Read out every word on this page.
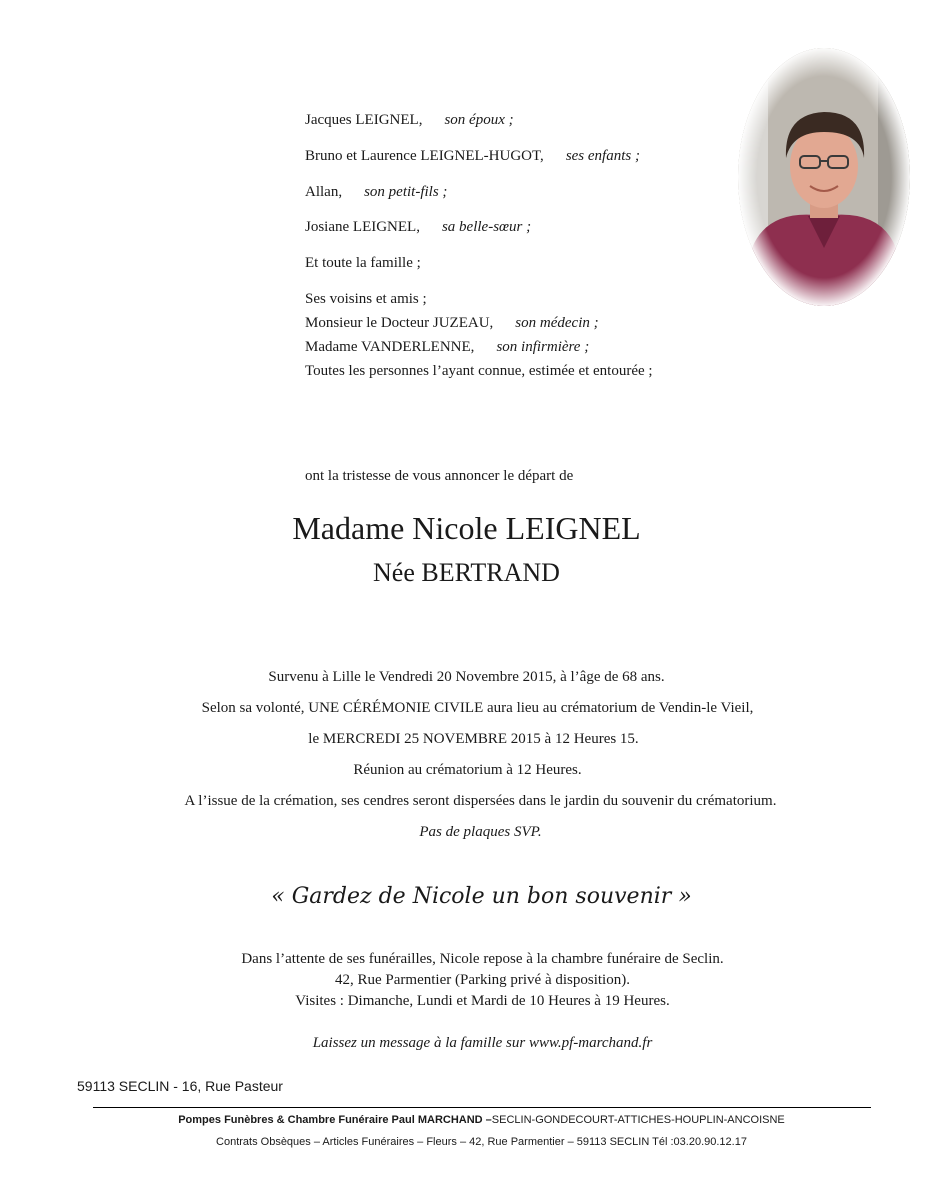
Jacques LEIGNEL, son époux ;
Bruno et Laurence LEIGNEL-HUGOT, ses enfants ;
Allan, son petit-fils ;
Josiane LEIGNEL, sa belle-sœur ;
Et toute la famille ;
Ses voisins et amis ;
Monsieur le Docteur JUZEAU, son médecin ;
Madame VANDERLENNE, son infirmière ;
Toutes les personnes l’ayant connue, estimée et entourée ;
ont la tristesse de vous annoncer le départ de
Madame Nicole LEIGNEL
Née BERTRAND
Survenu à Lille le Vendredi 20 Novembre 2015, à l’âge de 68 ans.
Selon sa volonté, UNE CÉRÉMONIE CIVILE aura lieu au crématorium de Vendin-le Vieil,
le MERCREDI 25 NOVEMBRE 2015 à 12 Heures 15.
Réunion au crématorium à 12 Heures.
A l’issue de la crémation, ses cendres seront dispersées dans le jardin du souvenir du crématorium.
Pas de plaques SVP.
« Gardez de Nicole un bon souvenir »
Dans l’attente de ses funérailles, Nicole repose à la chambre funéraire de Seclin.
42, Rue Parmentier (Parking privé à disposition).
Visites : Dimanche, Lundi et Mardi de 10 Heures à 19 Heures.
Laissez un message à la famille sur www.pf-marchand.fr
59113 SECLIN - 16, Rue Pasteur
Pompes Funèbres & Chambre Funéraire Paul MARCHAND –SECLIN-GONDECOURT-ATTICHES-HOUPLIN-ANCOISNE
Contrats Obsèques – Articles Funéraires – Fleurs – 42, Rue Parmentier – 59113 SECLIN Tél :03.20.90.12.17
